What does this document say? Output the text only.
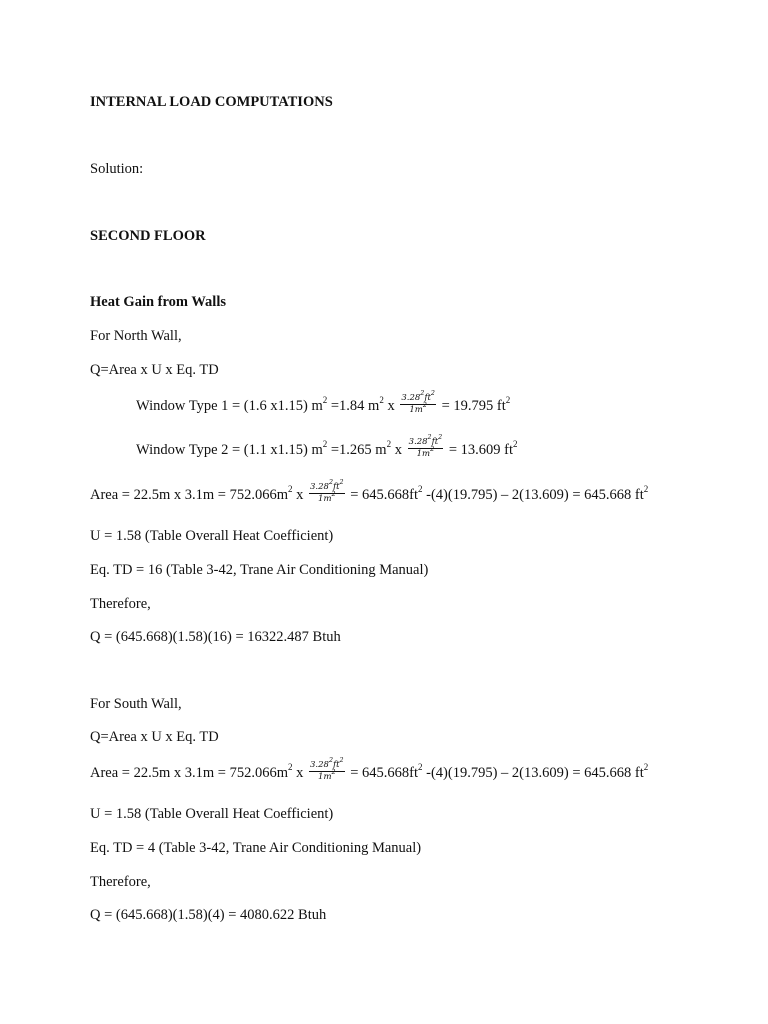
INTERNAL LOAD COMPUTATIONS
Solution:
SECOND FLOOR
Heat Gain from Walls
For North Wall,
Q=Area x U x Eq. TD
Window Type 1 = (1.6 x1.15) $m^2 =1.84$ $m^2$ x $\frac{3.28^2ft^2}{1m^2} = 19.795$ $ft^2$
Window Type 2 = (1.1 x1.15) $m^2 =1.265$ $m^2$ x $\frac{3.28^2ft^2}{1m^2} = 13.609$ $ft^2$
Area = 22.5m x $3.1m = 752.066m^2$ x $\frac{3.28^2ft^2}{1m^2} = 645.668ft^2$ -(4)(19.795) – 2(13.609) = 645.668 $ft^2$
U = 1.58 (Table Overall Heat Coefficient)
Eq. TD = 16 (Table 3-42, Trane Air Conditioning Manual)
Therefore,
Q = (645.668)(1.58)(16) = 16322.487 Btuh
For South Wall,
Q=Area x U x Eq. TD
Area = 22.5m x $3.1m = 752.066m^2$ x $\frac{3.28^2ft^2}{1m^2} = 645.668ft^2$ -(4)(19.795) – 2(13.609) = 645.668 $ft^2$
U = 1.58 (Table Overall Heat Coefficient)
Eq. TD = 4 (Table 3-42, Trane Air Conditioning Manual)
Therefore,
Q = (645.668)(1.58)(4) = 4080.622 Btuh
